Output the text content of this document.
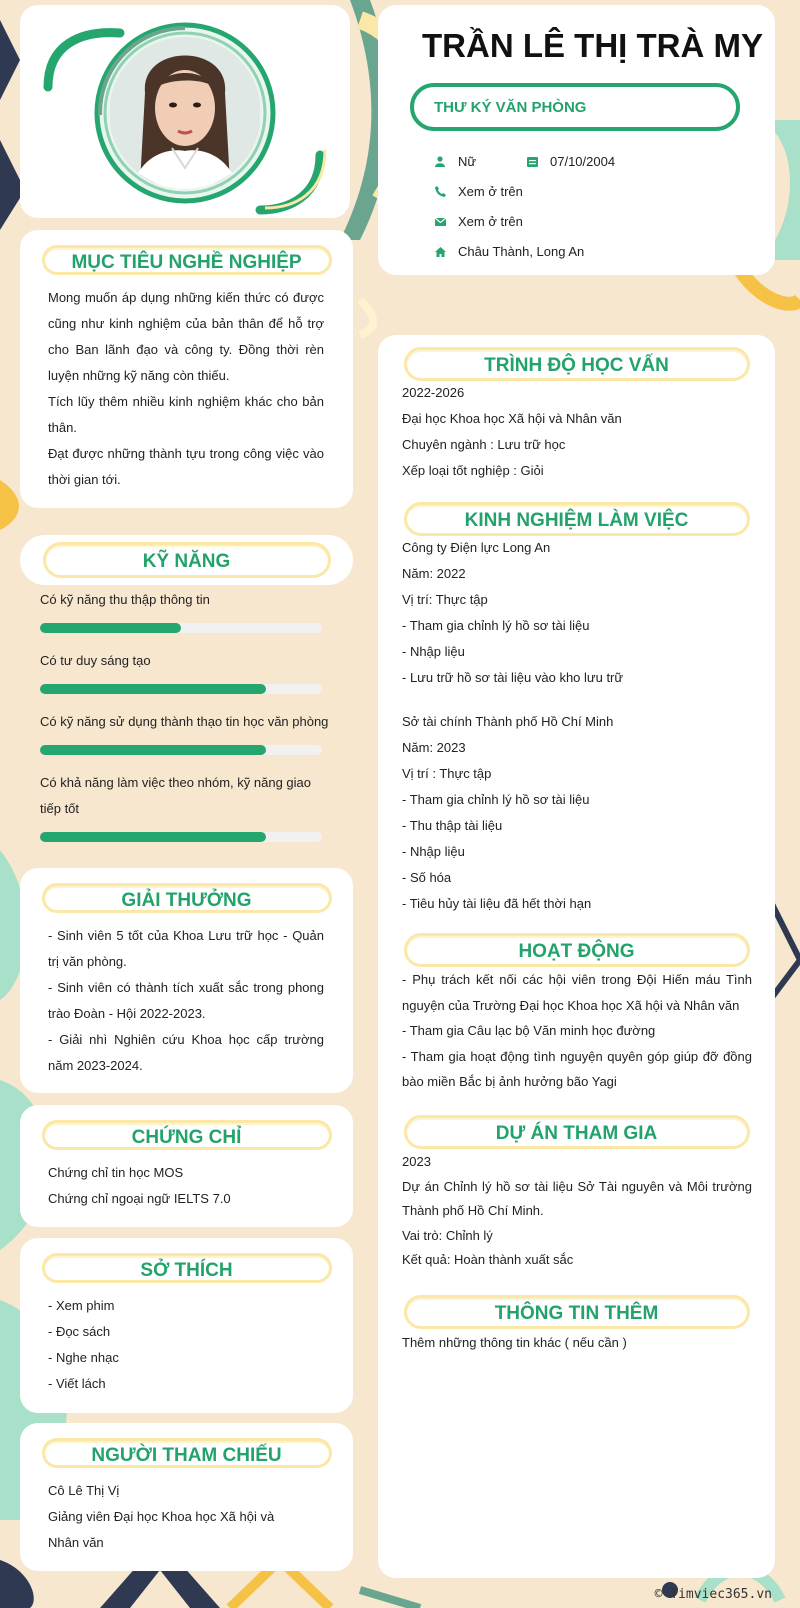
TRẦN LÊ THỊ TRÀ MY
THƯ KÝ VĂN PHÒNG
Nữ	07/10/2004
Xem ở trên
Xem ở trên
Châu Thành, Long An
MỤC TIÊU NGHỀ NGHIỆP
Mong muốn áp dụng những kiến thức có được cũng như kinh nghiệm của bản thân để hỗ trợ cho Ban lãnh đạo và công ty. Đồng thời rèn luyện những kỹ năng còn thiếu.
Tích lũy thêm nhiều kinh nghiệm khác cho bản thân.
Đạt được những thành tựu trong công việc vào thời gian tới.
KỸ NĂNG
Có kỹ năng thu thập thông tin
Có tư duy sáng tạo
Có kỹ năng sử dụng thành thạo tin học văn phòng
Có khả năng làm việc theo nhóm, kỹ năng giao tiếp tốt
GIẢI THƯỞNG
- Sinh viên 5 tốt của Khoa Lưu trữ học - Quản trị văn phòng.
- Sinh viên có thành tích xuất sắc trong phong trào Đoàn - Hội 2022-2023.
- Giải nhì Nghiên cứu Khoa học cấp trường năm 2023-2024.
CHỨNG CHỈ
Chứng chỉ tin học MOS
Chứng chỉ ngoại ngữ IELTS 7.0
SỞ THÍCH
- Xem phim
- Đọc sách
- Nghe nhạc
- Viết lách
NGƯỜI THAM CHIẾU
Cô Lê Thị Vị
Giảng viên Đại học Khoa học Xã hội và Nhân văn
TRÌNH ĐỘ HỌC VẤN
2022-2026
Đại học Khoa học Xã hội và Nhân văn
Chuyên ngành : Lưu trữ học
Xếp loại tốt nghiệp : Giỏi
KINH NGHIỆM LÀM VIỆC
Công ty Điện lực Long An
Năm: 2022
Vị trí: Thực tập
- Tham gia chỉnh lý hồ sơ tài liệu
- Nhập liệu
- Lưu trữ hồ sơ tài liệu vào kho lưu trữ
Sở tài chính Thành phố Hồ Chí Minh
Năm: 2023
Vị trí : Thực tập
- Tham gia chỉnh lý hồ sơ tài liệu
- Thu thập tài liệu
- Nhập liệu
- Số hóa
- Tiêu hủy tài liệu đã hết thời hạn
HOẠT ĐỘNG
- Phụ trách kết nối các hội viên trong Đội Hiến máu Tình nguyện của Trường Đại học Khoa học Xã hội và Nhân văn
- Tham gia Câu lạc bộ Văn minh học đường
- Tham gia hoạt động tình nguyện quyên góp giúp đỡ đồng bào miền Bắc bị ảnh hưởng bão Yagi
DỰ ÁN THAM GIA
2023
Dự án Chỉnh lý hồ sơ tài liệu Sở Tài nguyên và Môi trường Thành phố Hồ Chí Minh.
Vai trò: Chỉnh lý
Kết quả: Hoàn thành xuất sắc
THÔNG TIN THÊM
Thêm những thông tin khác ( nếu cần )
© Timviec365.vn
